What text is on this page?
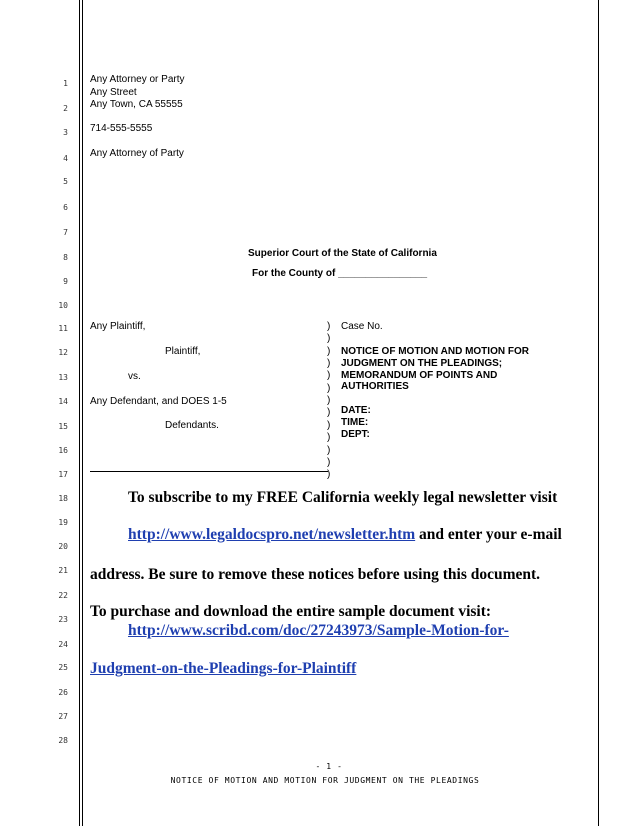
1
2
3
4
5
6
7
8
9
10
11
12
13
14
15
16
17
18
19
20
21
22
23
24
25
26
27
28
Any Attorney or Party
Any Street
Any Town, CA 55555
714-555-5555
Any Attorney of Party
Superior Court of the State of California
For the County of ________________
Any Plaintiff,
Plaintiff,
vs.
Any Defendant, and DOES 1-5
Defendants.
)
)
)
)
)
)
)
)
)
)
)
)
)
Case No.
NOTICE OF MOTION AND MOTION FOR
JUDGMENT ON THE PLEADINGS;
MEMORANDUM OF POINTS AND
AUTHORITIES
DATE:
TIME:
DEPT:
To subscribe to my FREE California weekly legal newsletter visit
http://www.legaldocspro.net/newsletter.htm and enter your e-mail
address. Be sure to remove these notices before using this document.
To purchase and download the entire sample document visit:
http://www.scribd.com/doc/27243973/Sample-Motion-for-
Judgment-on-the-Pleadings-for-Plaintiff
- 1 -
NOTICE OF MOTION AND MOTION FOR JUDGMENT ON THE PLEADINGS
